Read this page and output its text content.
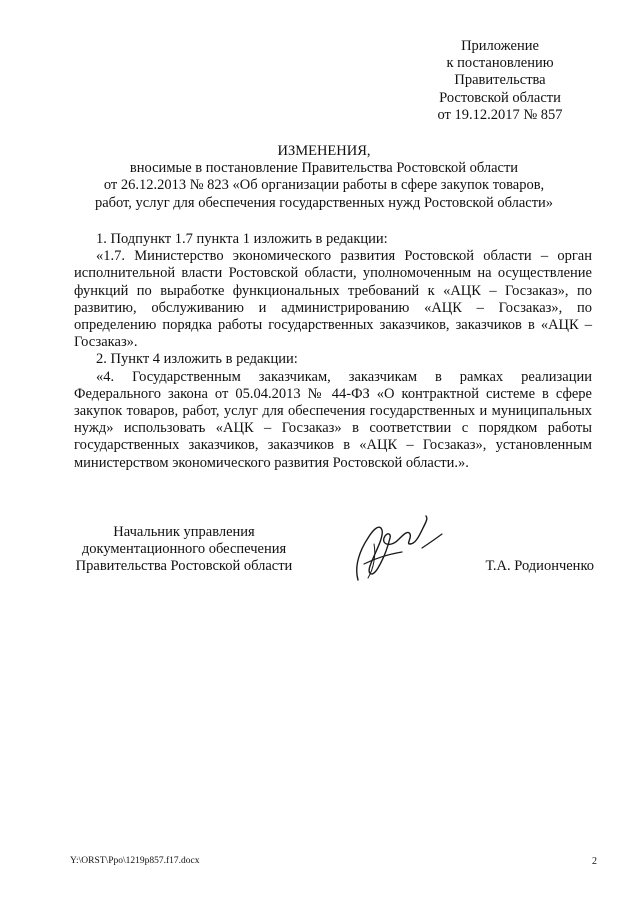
Приложение
к постановлению
Правительства
Ростовской области
от 19.12.2017 № 857
ИЗМЕНЕНИЯ,
вносимые в постановление Правительства Ростовской области
от 26.12.2013 № 823 «Об организации работы в сфере закупок товаров,
работ, услуг для обеспечения государственных нужд Ростовской области»

1. Подпункт 1.7 пункта 1 изложить в редакции:

«1.7. Министерство экономического развития Ростовской области – орган исполнительной власти Ростовской области, уполномоченным на осуществление функций по выработке функциональных требований к «АЦК – Госзаказ», по развитию, обслуживанию и администрированию «АЦК – Госзаказ», по определению порядка работы государственных заказчиков, заказчиков в «АЦК – Госзаказ».

2. Пункт 4 изложить в редакции:

«4. Государственным заказчикам, заказчикам в рамках реализации Федерального закона от 05.04.2013 № 44-ФЗ «О контрактной системе в сфере закупок товаров, работ, услуг для обеспечения государственных и муниципальных нужд» использовать «АЦК – Госзаказ» в соответствии с порядком работы государственных заказчиков, заказчиков в «АЦК – Госзаказ», установленным министерством экономического развития Ростовской области.».

Начальник управления
документационного обеспечения
Правительства Ростовской области	Т.А. Родионченко
Y:\ORST\Ppo\1219p857.f17.docx	2
